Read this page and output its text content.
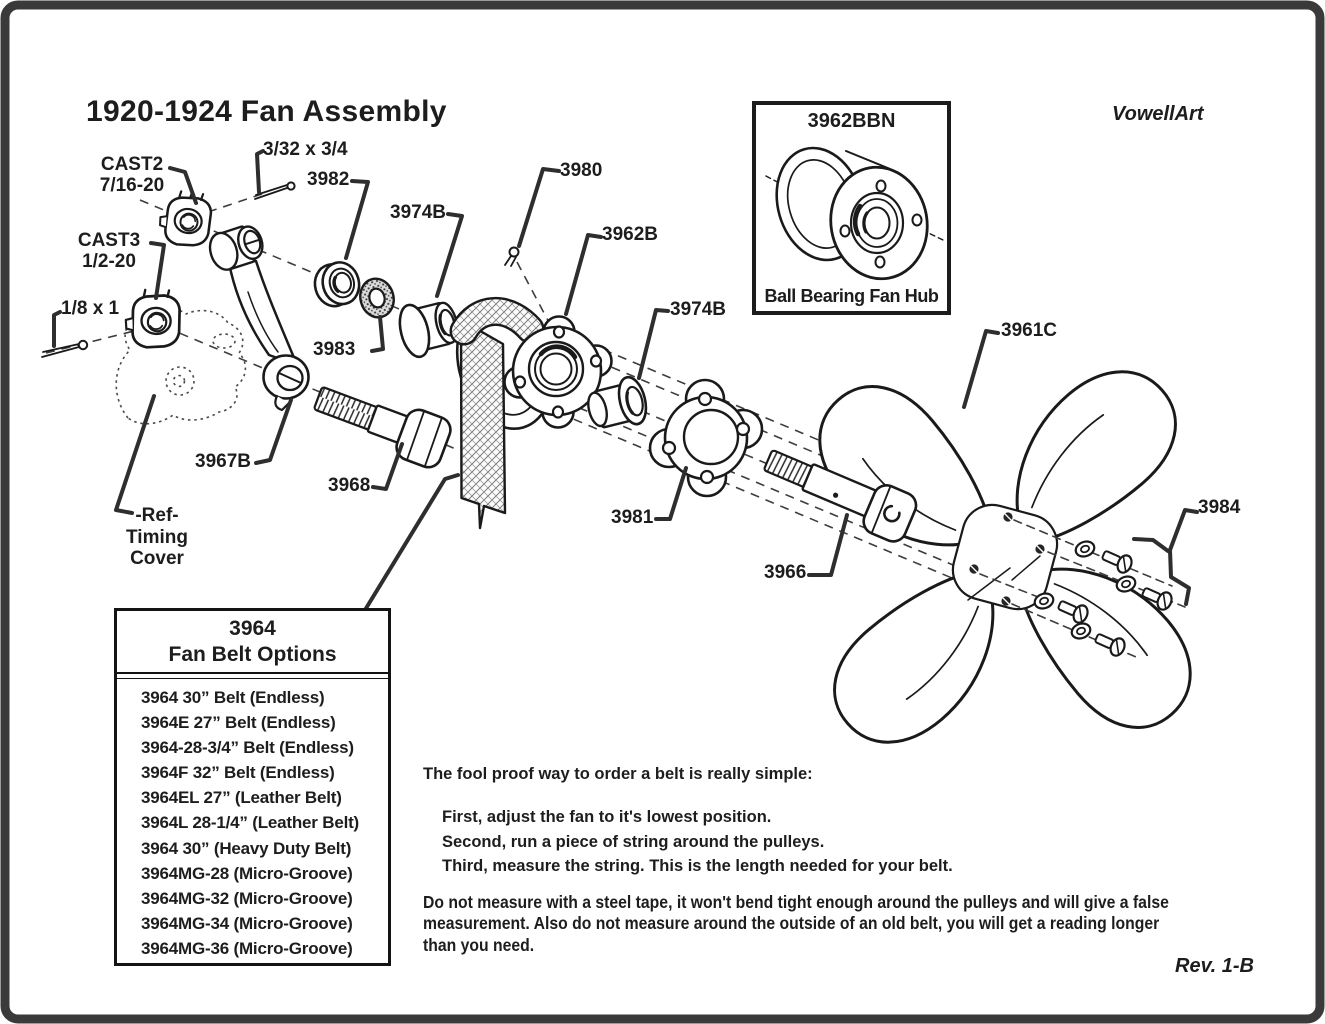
1920-1924 Fan Assembly	VowellArt
Rev. 1-B
3962BBN
Ball Bearing Fan Hub
CAST2
7/16-20
CAST3
1/2-20
3/32 x 3/4
1/8 x 1
3982
3974B
3980
3962B
3983
3967B
3968
3974B
3981
3966
3961C
3984
-Ref-
Timing
Cover
3964
Fan Belt Options
3964 30” Belt (Endless)
3964E 27” Belt (Endless)
3964-28-3/4” Belt (Endless)
3964F 32” Belt (Endless)
3964EL 27” (Leather Belt)
3964L 28-1/4” (Leather Belt)
3964 30” (Heavy Duty Belt)
3964MG-28 (Micro-Groove)
3964MG-32 (Micro-Groove)
3964MG-34 (Micro-Groove)
3964MG-36 (Micro-Groove)
The fool proof way to order a belt is really simple:
First, adjust the fan to it's lowest position.
Second, run a piece of string around the pulleys.
Third, measure the string. This is the length needed for your belt.
Do not measure with a steel tape, it won't bend tight enough around the pulleys and will give a false
measurement. Also do not measure around the outside of an old belt, you will get a reading longer
than you need.
